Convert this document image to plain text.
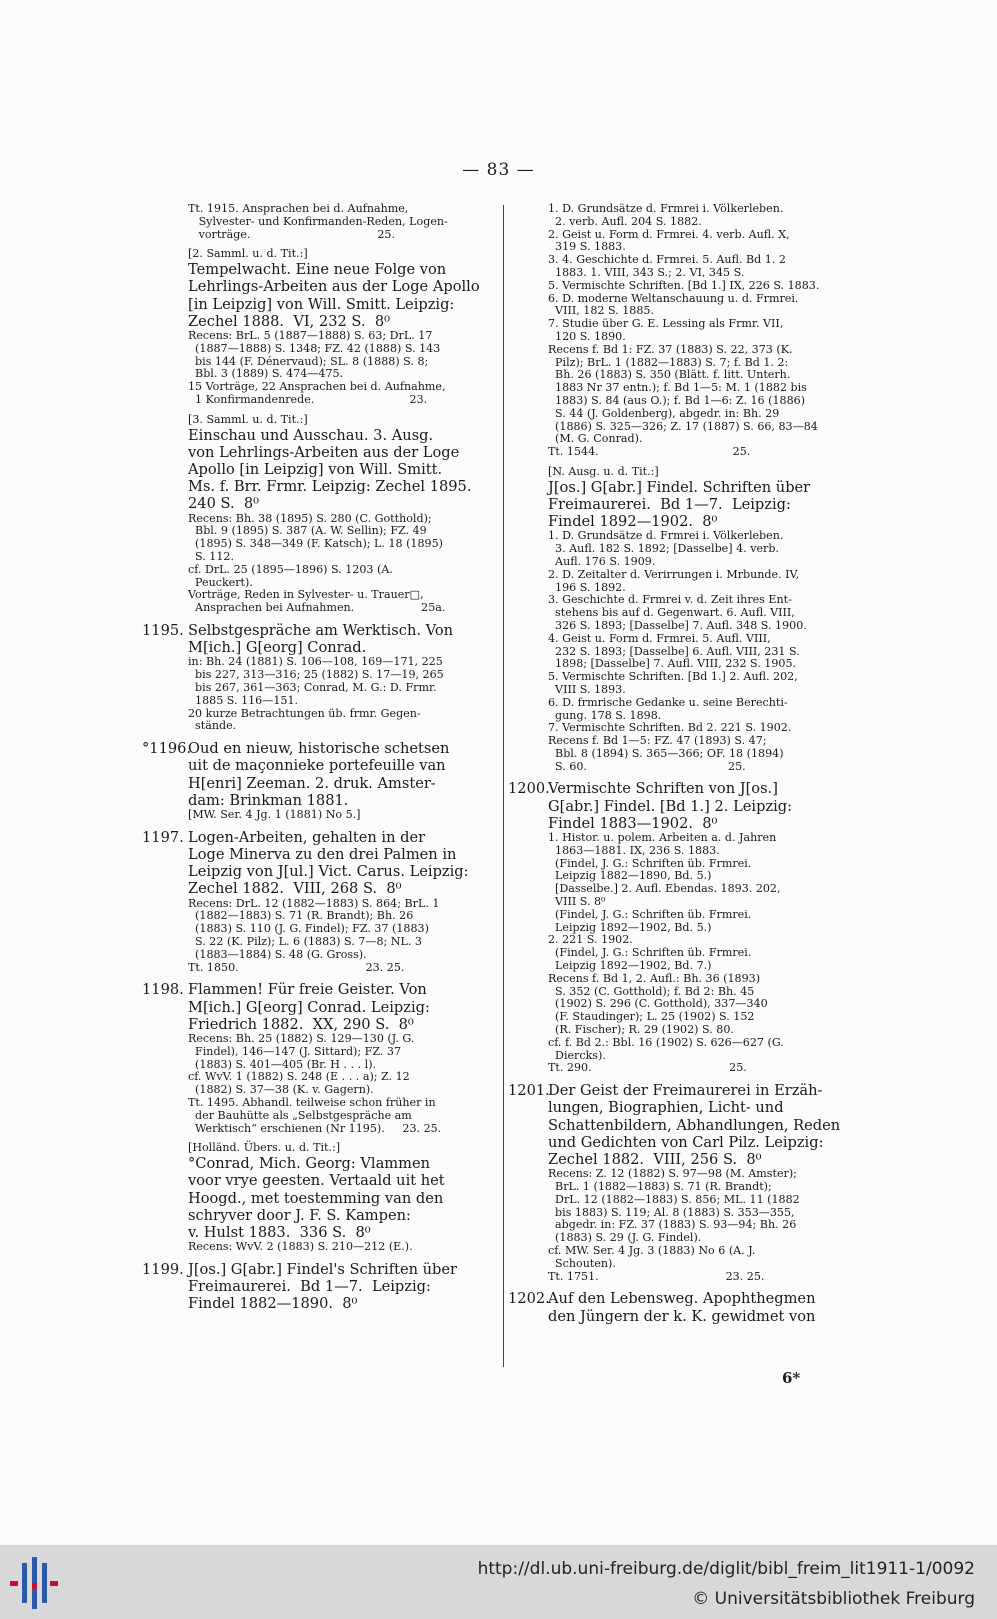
— 83 —
Tt. 1915. Ansprachen bei d. Aufnahme,
Sylvester- und Konfirmanden-Reden, Logen-
vorträge.                                    25.
[2. Samml. u. d. Tit.:]
Tempelwacht. Eine neue Folge von
Lehrlings-Arbeiten aus der Loge Apollo
[in Leipzig] von Will. Smitt. Leipzig:
Zechel 1888.  VI, 232 S.  8⁰
Recens: BrL. 5 (1887—1888) S. 63; DrL. 17
(1887—1888) S. 1348; FZ. 42 (1888) S. 143
bis 144 (F. Dénervaud); SL. 8 (1888) S. 8;
Bbl. 3 (1889) S. 474—475.
15 Vorträge, 22 Ansprachen bei d. Aufnahme,
1 Konfirmandenrede.                           23.
[3. Samml. u. d. Tit.:]
Einschau und Ausschau. 3. Ausg.
von Lehrlings-Arbeiten aus der Loge
Apollo [in Leipzig] von Will. Smitt.
Ms. f. Brr. Frmr. Leipzig: Zechel 1895.
240 S.  8⁰
Recens: Bh. 38 (1895) S. 280 (C. Gotthold);
Bbl. 9 (1895) S. 387 (A. W. Sellin); FZ. 49
(1895) S. 348—349 (F. Katsch); L. 18 (1895)
S. 112.
cf. DrL. 25 (1895—1896) S. 1203 (A.
Peuckert).
Vorträge, Reden in Sylvester- u. Trauer□,
Ansprachen bei Aufnahmen.                   25a.
1195. Selbstgespräche am Werktisch. Von
M[ich.] G[eorg] Conrad.
in: Bh. 24 (1881) S. 106—108, 169—171, 225
bis 227, 313—316; 25 (1882) S. 17—19, 265
bis 267, 361—363; Conrad, M. G.: D. Frmr.
1885 S. 116—151.
20 kurze Betrachtungen üb. frmr. Gegen-
stände.
°1196.
Oud en nieuw, historische schetsen
uit de maçonnieke portefeuille van
H[enri] Zeeman. 2. druk. Amster-
dam: Brinkman 1881.
[MW. Ser. 4 Jg. 1 (1881) No 5.]
1197. Logen-Arbeiten, gehalten in der
Loge Minerva zu den drei Palmen in
Leipzig von J[ul.] Vict. Carus. Leipzig:
Zechel 1882.  VIII, 268 S.  8⁰
Recens: DrL. 12 (1882—1883) S. 864; BrL. 1
(1882—1883) S. 71 (R. Brandt); Bh. 26
(1883) S. 110 (J. G. Findel); FZ. 37 (1883)
S. 22 (K. Pilz); L. 6 (1883) S. 7—8; NL. 3
(1883—1884) S. 48 (G. Gross).
Tt. 1850.                                    23. 25.
1198. Flammen! Für freie Geister. Von
M[ich.] G[eorg] Conrad. Leipzig:
Friedrich 1882.  XX, 290 S.  8⁰
Recens: Bh. 25 (1882) S. 129—130 (J. G.
Findel), 146—147 (J. Sittard); FZ. 37
(1883) S. 401—405 (Br. H . . . l).
cf. WvV. 1 (1882) S. 248 (E . . . a); Z. 12
(1882) S. 37—38 (K. v. Gagern).
Tt. 1495. Abhandl. teilweise schon früher in
der Bauhütte als „Selbstgespräche am
Werktisch“ erschienen (Nr 1195).     23. 25.
[Holländ. Übers. u. d. Tit.:]
°Conrad, Mich. Georg: Vlammen
voor vrye geesten. Vertaald uit het
Hoogd., met toestemming van den
schryver door J. F. S. Kampen:
v. Hulst 1883.  336 S.  8⁰
Recens: WvV. 2 (1883) S. 210—212 (E.).
1199. J[os.] G[abr.] Findel's Schriften über
Freimaurerei.  Bd 1—7.  Leipzig:
Findel 1882—1890.  8⁰
1. D. Grundsätze d. Frmrei i. Völkerleben.
2. verb. Aufl. 204 S. 1882.
2. Geist u. Form d. Frmrei. 4. verb. Aufl. X,
319 S. 1883.
3. 4. Geschichte d. Frmrei. 5. Aufl. Bd 1. 2
1883. 1. VIII, 343 S.; 2. VI, 345 S.
5. Vermischte Schriften. [Bd 1.] IX, 226 S. 1883.
6. D. moderne Weltanschauung u. d. Frmrei.
VIII, 182 S. 1885.
7. Studie über G. E. Lessing als Frmr. VII,
120 S. 1890.
Recens f. Bd 1: FZ. 37 (1883) S. 22, 373 (K.
Pilz); BrL. 1 (1882—1883) S. 7; f. Bd 1. 2:
Bh. 26 (1883) S. 350 (Blätt. f. litt. Unterh.
1883 Nr 37 entn.); f. Bd 1—5: M. 1 (1882 bis
1883) S. 84 (aus O.); f. Bd 1—6: Z. 16 (1886)
S. 44 (J. Goldenberg), abgedr. in: Bh. 29
(1886) S. 325—326; Z. 17 (1887) S. 66, 83—84
(M. G. Conrad).
Tt. 1544.                                      25.
[N. Ausg. u. d. Tit.:]
J[os.] G[abr.] Findel. Schriften über
Freimaurerei.  Bd 1—7.  Leipzig:
Findel 1892—1902.  8⁰
1. D. Grundsätze d. Frmrei i. Völkerleben.
3. Aufl. 182 S. 1892; [Dasselbe] 4. verb.
Aufl. 176 S. 1909.
2. D. Zeitalter d. Verirrungen i. Mrbunde. IV,
196 S. 1892.
3. Geschichte d. Frmrei v. d. Zeit ihres Ent-
stehens bis auf d. Gegenwart. 6. Aufl. VIII,
326 S. 1893; [Dasselbe] 7. Aufl. 348 S. 1900.
4. Geist u. Form d. Frmrei. 5. Aufl. VIII,
232 S. 1893; [Dasselbe] 6. Aufl. VIII, 231 S.
1898; [Dasselbe] 7. Aufl. VIII, 232 S. 1905.
5. Vermischte Schriften. [Bd 1.] 2. Aufl. 202,
VIII S. 1893.
6. D. frmrische Gedanke u. seine Berechti-
gung. 178 S. 1898.
7. Vermischte Schriften. Bd 2. 221 S. 1902.
Recens f. Bd 1—5: FZ. 47 (1893) S. 47;
Bbl. 8 (1894) S. 365—366; OF. 18 (1894)
S. 60.                                        25.
1200.
Vermischte Schriften von J[os.]
G[abr.] Findel. [Bd 1.] 2. Leipzig:
Findel 1883—1902.  8⁰
1. Histor. u. polem. Arbeiten a. d. Jahren
1863—1881. IX, 236 S. 1883.
(Findel, J. G.: Schriften üb. Frmrei.
Leipzig 1882—1890, Bd. 5.)
[Dasselbe.] 2. Aufl. Ebendas. 1893. 202,
VIII S. 8⁰
(Findel, J. G.: Schriften üb. Frmrei.
Leipzig 1892—1902, Bd. 5.)
2. 221 S. 1902.
(Findel, J. G.: Schriften üb. Frmrei.
Leipzig 1892—1902, Bd. 7.)
Recens f. Bd 1, 2. Aufl.: Bh. 36 (1893)
S. 352 (C. Gotthold); f. Bd 2: Bh. 45
(1902) S. 296 (C. Gotthold), 337—340
(F. Staudinger); L. 25 (1902) S. 152
(R. Fischer); R. 29 (1902) S. 80.
cf. f. Bd 2.: Bbl. 16 (1902) S. 626—627 (G.
Diercks).
Tt. 290.                                       25.
1201.
Der Geist der Freimaurerei in Erzäh-
lungen, Biographien, Licht- und
Schattenbildern, Abhandlungen, Reden
und Gedichten von Carl Pilz. Leipzig:
Zechel 1882.  VIII, 256 S.  8⁰
Recens: Z. 12 (1882) S. 97—98 (M. Amster);
BrL. 1 (1882—1883) S. 71 (R. Brandt);
DrL. 12 (1882—1883) S. 856; ML. 11 (1882
bis 1883) S. 119; Al. 8 (1883) S. 353—355,
abgedr. in: FZ. 37 (1883) S. 93—94; Bh. 26
(1883) S. 29 (J. G. Findel).
cf. MW. Ser. 4 Jg. 3 (1883) No 6 (A. J.
Schouten).
Tt. 1751.                                    23. 25.
1202.
Auf den Lebensweg. Apophthegmen
den Jüngern der k. K. gewidmet von
6*
http://dl.ub.uni-freiburg.de/diglit/bibl_freim_lit1911-1/0092
© Universitätsbibliothek Freiburg
